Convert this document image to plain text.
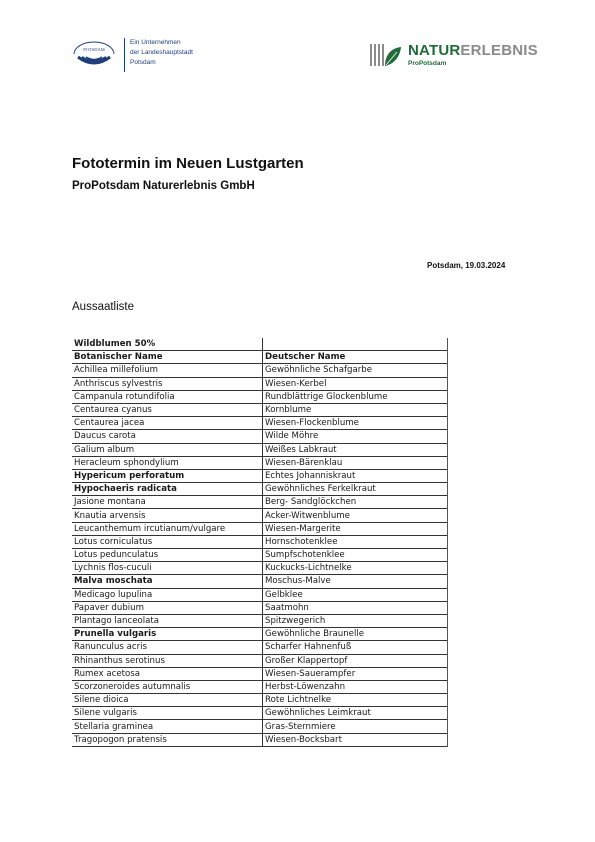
POTSDAM
Ein Unternehmen
der Landeshauptstadt
Potsdam
NATURERLEBNIS
ProPotsdam
Fototermin im Neuen Lustgarten
ProPotsdam Naturerlebnis GmbH
Potsdam, 19.03.2024
Aussaatliste
Wildblumen 50%	
Botanischer Name	Deutscher Name
Achillea millefolium	Gewöhnliche Schafgarbe
Anthriscus sylvestris	Wiesen-Kerbel
Campanula rotundifolia	Rundblättrige Glockenblume
Centaurea cyanus	Kornblume
Centaurea jacea	Wiesen-Flockenblume
Daucus carota	Wilde Möhre
Galium album	Weißes Labkraut
Heracleum sphondylium	Wiesen-Bärenklau
Hypericum perforatum	Echtes Johanniskraut
Hypochaeris radicata	Gewöhnliches Ferkelkraut
Jasione montana	Berg- Sandglöckchen
Knautia arvensis	Acker-Witwenblume
Leucanthemum ircutianum/vulgare	Wiesen-Margerite
Lotus corniculatus	Hornschotenklee
Lotus pedunculatus	Sumpfschotenklee
Lychnis flos-cuculi	Kuckucks-Lichtnelke
Malva moschata	Moschus-Malve
Medicago lupulina	Gelbklee
Papaver dubium	Saatmohn
Plantago lanceolata	Spitzwegerich
Prunella vulgaris	Gewöhnliche Braunelle
Ranunculus acris	Scharfer Hahnenfuß
Rhinanthus serotinus	Großer Klappertopf
Rumex acetosa	Wiesen-Sauerampfer
Scorzoneroides autumnalis	Herbst-Löwenzahn
Silene dioica	Rote Lichtnelke
Silene vulgaris	Gewöhnliches Leimkraut
Stellaria graminea	Gras-Sternmiere
Tragopogon pratensis	Wiesen-Bocksbart
